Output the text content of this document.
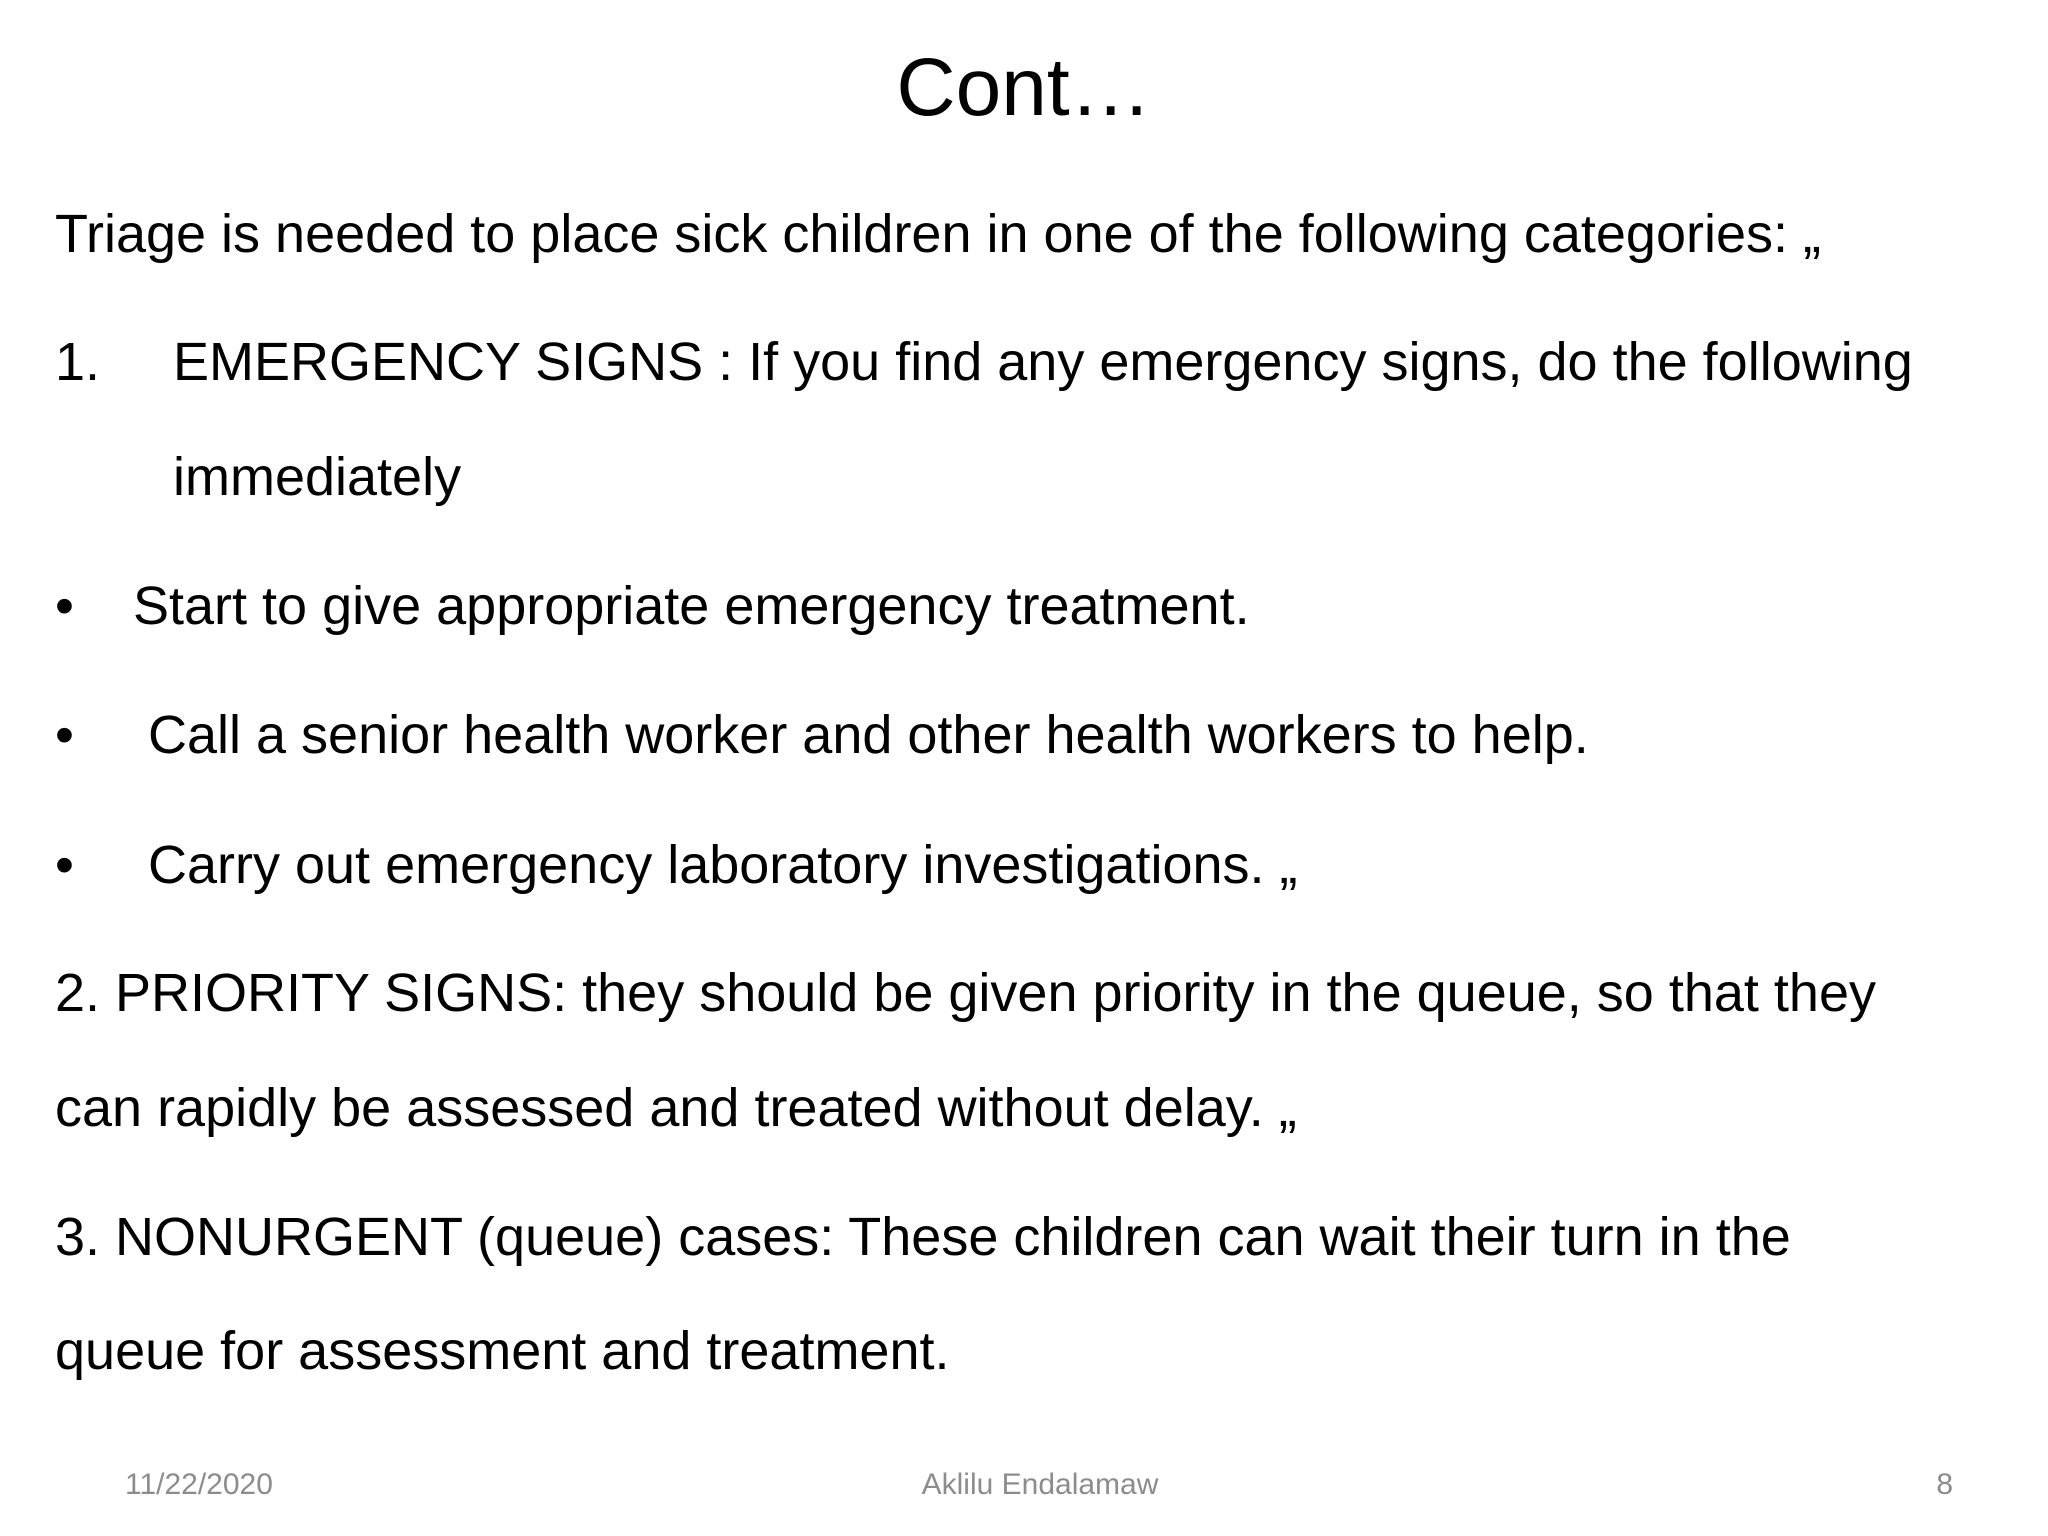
Cont…

Triage is needed to place sick children in one of the following categories: „

1. EMERGENCY SIGNS : If you find any emergency signs, do the following

immediately

• Start to give appropriate emergency treatment.

• Call a senior health worker and other health workers to help.

• Carry out emergency laboratory investigations. „

2. PRIORITY SIGNS: they should be given priority in the queue, so that they

can rapidly be assessed and treated without delay. „

3. NONURGENT (queue) cases: These children can wait their turn in the

queue for assessment and treatment.

11/22/2020	Aklilu Endalamaw	8
